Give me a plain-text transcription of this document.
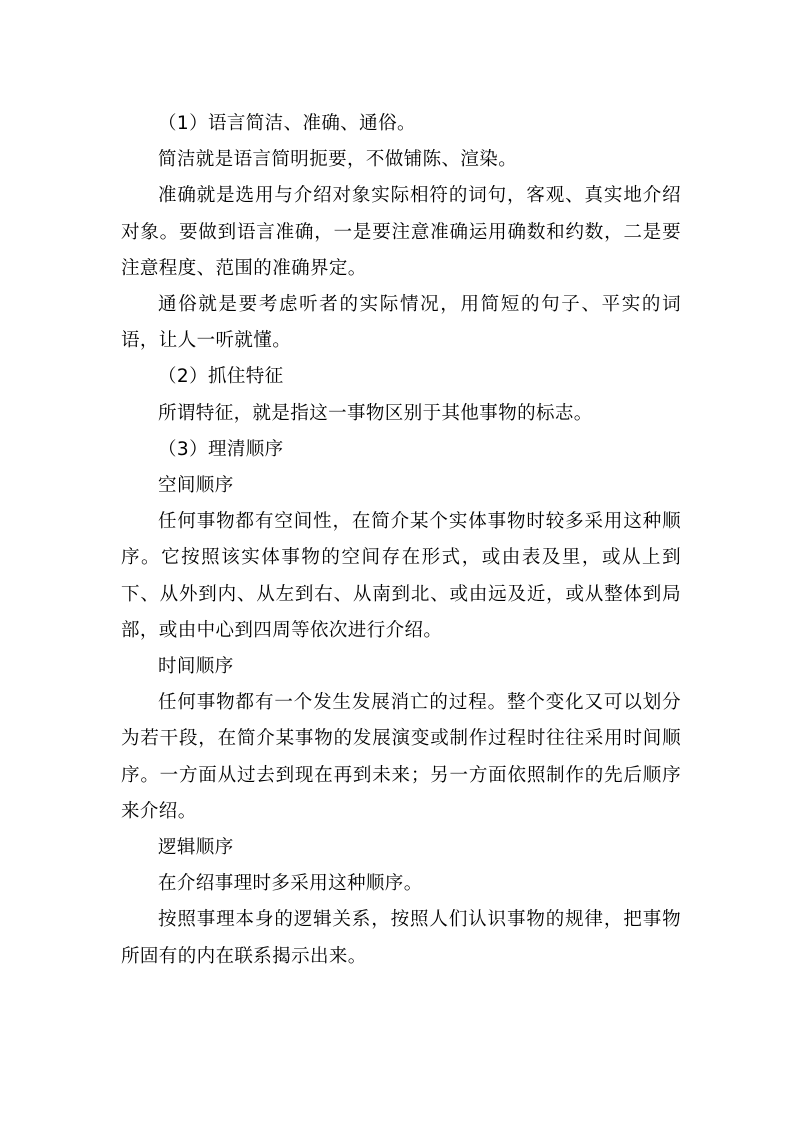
（1）语言简洁、准确、通俗。

简洁就是语言简明扼要，不做铺陈、渲染。

准确就是选用与介绍对象实际相符的词句，客观、真实地介绍对象。要做到语言准确，一是要注意准确运用确数和约数，二是要注意程度、范围的准确界定。

通俗就是要考虑听者的实际情况，用简短的句子、平实的词语，让人一听就懂。

（2）抓住特征

所谓特征，就是指这一事物区别于其他事物的标志。

（3）理清顺序

空间顺序

任何事物都有空间性，在简介某个实体事物时较多采用这种顺序。它按照该实体事物的空间存在形式，或由表及里，或从上到下、从外到内、从左到右、从南到北、或由远及近，或从整体到局部，或由中心到四周等依次进行介绍。

时间顺序

任何事物都有一个发生发展消亡的过程。整个变化又可以划分为若干段，在简介某事物的发展演变或制作过程时往往采用时间顺序。一方面从过去到现在再到未来；另一方面依照制作的先后顺序来介绍。

逻辑顺序

在介绍事理时多采用这种顺序。

按照事理本身的逻辑关系，按照人们认识事物的规律，把事物所固有的内在联系揭示出来。
